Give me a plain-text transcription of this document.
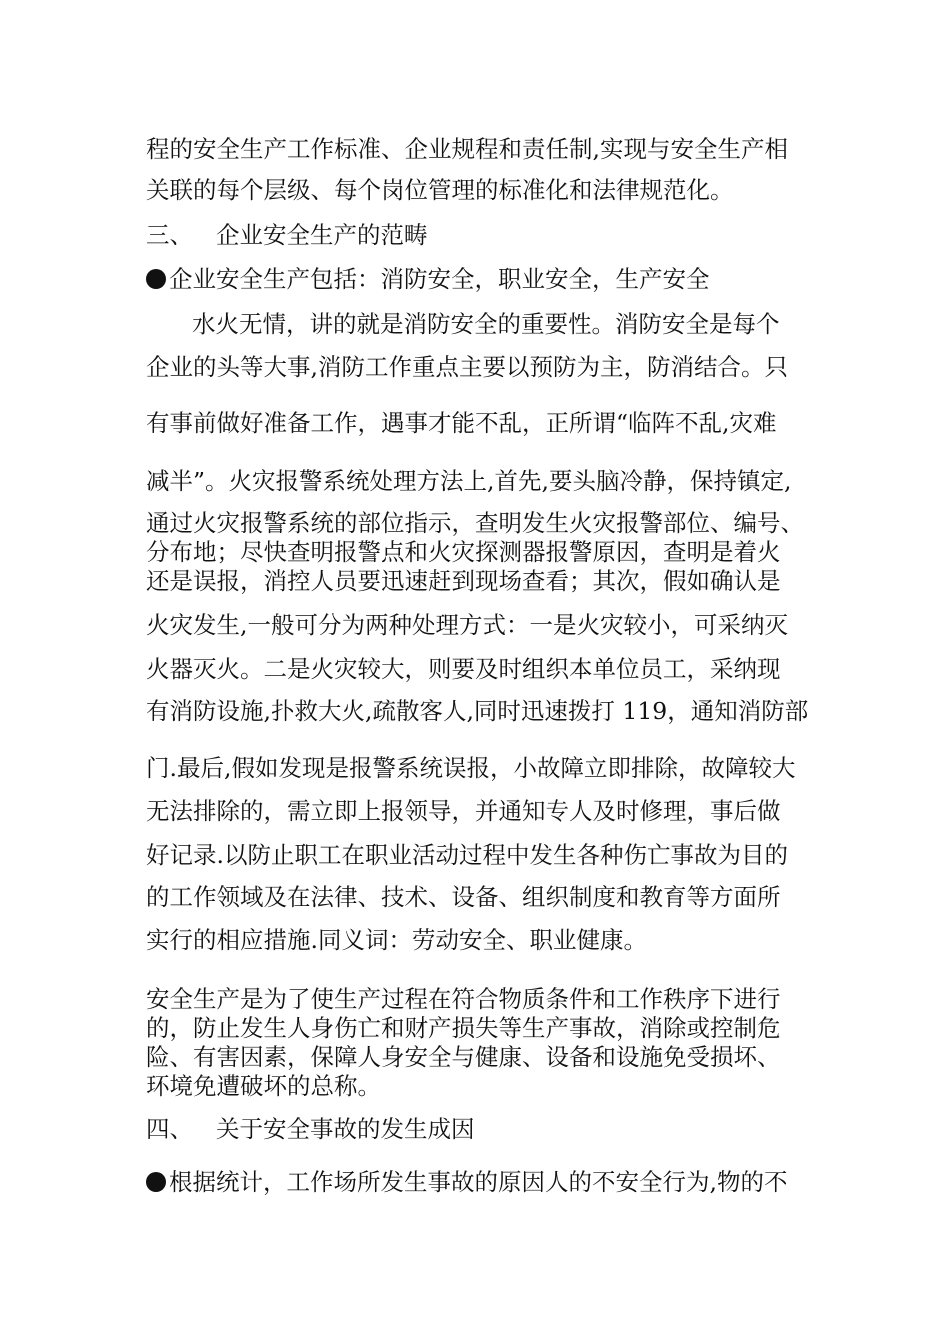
程的安全生产工作标准、企业规程和责任制,实现与安全生产相
关联的每个层级、每个岗位管理的标准化和法律规范化。
三、 企业安全生产的范畴
企业安全生产包括：消防安全，职业安全，生产安全
水火无情，讲的就是消防安全的重要性。消防安全是每个
企业的头等大事,消防工作重点主要以预防为主，防消结合。只
有事前做好准备工作，遇事才能不乱，正所谓“临阵不乱,灾难
减半”。火灾报警系统处理方法上,首先,要头脑冷静，保持镇定,
通过火灾报警系统的部位指示，查明发生火灾报警部位、编号、
分布地；尽快查明报警点和火灾探测器报警原因，查明是着火
还是误报，消控人员要迅速赶到现场查看；其次，假如确认是
火灾发生,一般可分为两种处理方式：一是火灾较小，可采纳灭
火器灭火。二是火灾较大，则要及时组织本单位员工，采纳现
有消防设施,扑救大火,疏散客人,同时迅速拨打 119，通知消防部
门.最后,假如发现是报警系统误报，小故障立即排除，故障较大
无法排除的，需立即上报领导，并通知专人及时修理，事后做
好记录.以防止职工在职业活动过程中发生各种伤亡事故为目的
的工作领域及在法律、技术、设备、组织制度和教育等方面所
实行的相应措施.同义词：劳动安全、职业健康。
安全生产是为了使生产过程在符合物质条件和工作秩序下进行
的，防止发生人身伤亡和财产损失等生产事故，消除或控制危
险、有害因素，保障人身安全与健康、设备和设施免受损坏、
环境免遭破坏的总称。
四、 关于安全事故的发生成因
根据统计，工作场所发生事故的原因人的不安全行为,物的不
